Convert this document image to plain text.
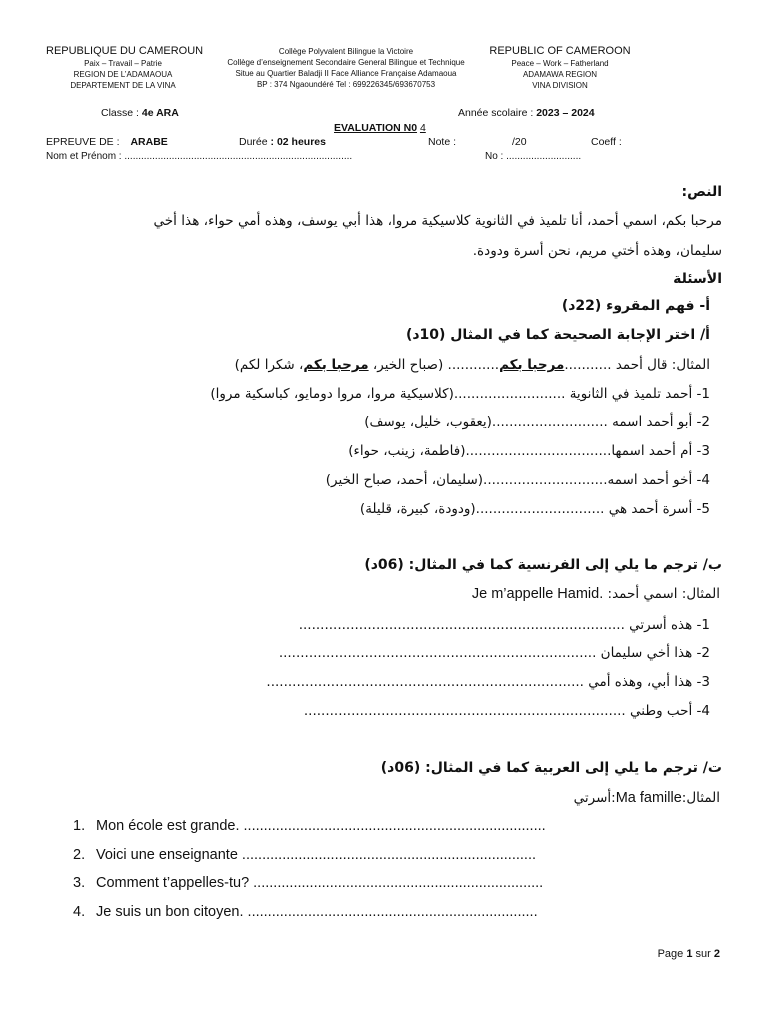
REPUBLIQUE DU CAMEROUN
Paix – Travail – Patrie
REGION DE L’ADAMAOUA
DEPARTEMENT DE LA VINA
Collège Polyvalent Bilingue la Victoire
Collège d’enseignement Secondaire General Bilingue et Technique
Situe au Quartier Baladji II Face Alliance Française Adamaoua
BP : 374 Ngaoundéré Tel : 699226345/693670753
REPUBLIC OF CAMEROON
Peace – Work – Fatherland
ADAMAWA REGION
VINA DIVISION
Classe : 4e ARA	Année scolaire : 2023 – 2024
EVALUATION N0 4
EPREUVE DE : ARABE	Durée : 02 heures	Note :	/20	Coeff :
Nom et Prénom : ..................................................................................	No : ...........................
النص:
مرحبا بكم، اسمي أحمد، أنا تلميذ في الثانوية كلاسيكية مروا، هذا أبي يوسف، وهذه أمي حواء، هذا أخي
سليمان، وهذه أختي مريم، نحن أسرة ودودة.
الأسئلة
أ- فهم المقروء (22د)
أ/ اختر الإجابة الصحيحة كما في المثال (10د)
المثال: قال أحمد ...........مرحبا بكم............ (صباح الخير، مرحبا بكم، شكرا لكم)
1- أحمد تلميذ في الثانوية ..........................(كلاسيكية مروا، مروا دومايو، كباسكية مروا)
2- أبو أحمد اسمه ...........................(يعقوب، خليل، يوسف)
3- أم أحمد اسمها..................................(فاطمة، زينب، حواء)
4- أخو أحمد اسمه.............................(سليمان، أحمد، صباح الخير)
5- أسرة أحمد هي ..............................(ودودة، كبيرة، قليلة)
ب/ ترجم ما يلي إلى الفرنسية كما في المثال: (06د)
المثال: اسمي أحمد: Je m’appelle Hamid.
1- هذه أسرتي ............................................................................
2- هذا أخي سليمان ..........................................................................
3- هذا أبي، وهذه أمي ..........................................................................
4- أحب وطني ...........................................................................
ت/ ترجم ما يلي إلى العربية كما في المثال: (06د)
المثال:Ma famille:أسرتي
1. Mon école est grande. ...........................................................................
2. Voici une enseignante .........................................................................
3. Comment t’appelles-tu? ........................................................................
4. Je suis un bon citoyen. ........................................................................
Page 1 sur 2
